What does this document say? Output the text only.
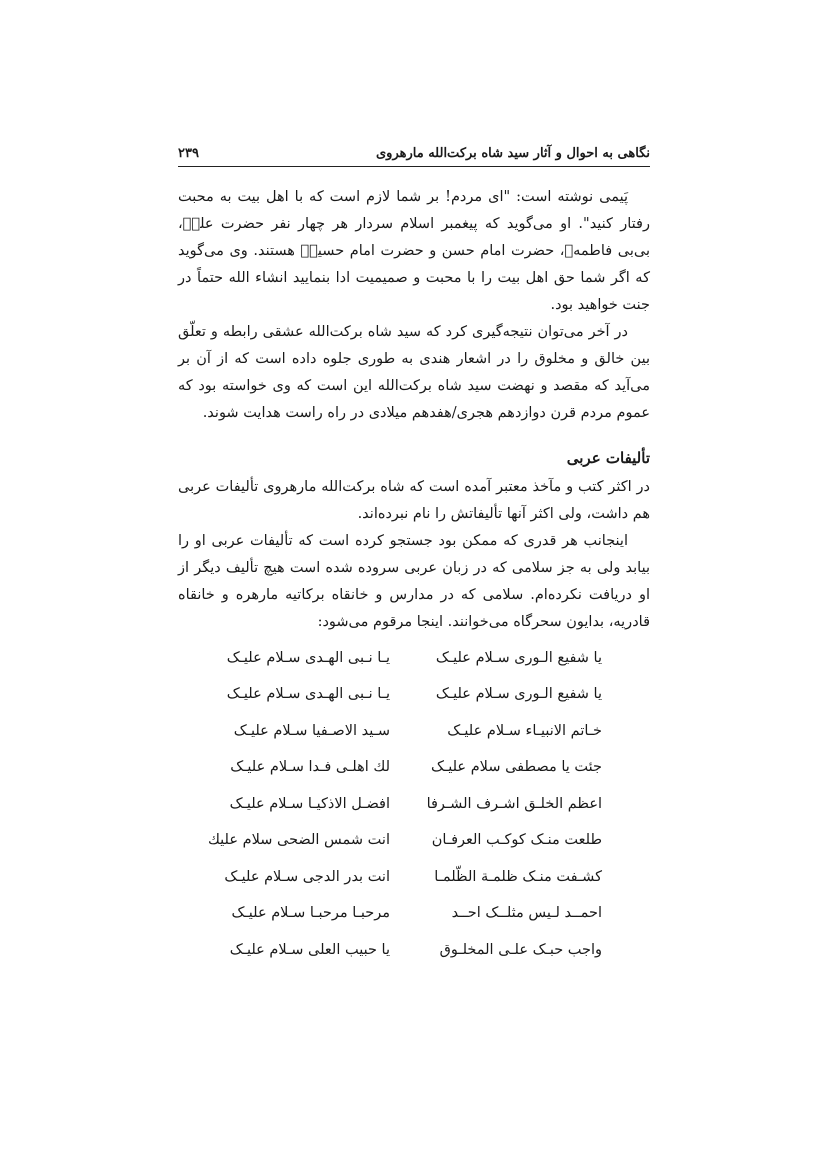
نگاهی به احوال و آثار سید شاه برکت‌الله مارهروی
۲۳۹

پَیمی نوشته است: "ای مردم! بر شما لازم است که با اهل بیت به محبت رفتار کنید". او می‌گوید که پیغمبر اسلام سردار هر چهار نفر حضرت علیؑ، بی‌بی فاطمه‌ؑ، حضرت امام حسن و حضرت امام حسینؑ هستند. وی می‌گوید که اگر شما حق اهل بیت را با محبت و صمیمیت ادا بنمایید انشاء الله حتماً در جنت خواهید بود.

در آخر می‌توان نتیجه‌گیری کرد که سید شاه برکت‌الله عشقی رابطه و تعلّق بین خالق و مخلوق را در اشعار هندی به طوری جلوه داده است که از آن بر می‌آید که مقصد و نهضت سید شاه برکت‌الله این است که وی خواسته بود که عموم مردم قرن دوازدهم هجری/هفدهم میلادی در راه راست هدایت شوند.

تألیفات عربی

در اکثر کتب و مآخذ معتبر آمده است که شاه برکت‌الله مارهروی تألیفات عربی هم داشت، ولی اکثر آنها تألیفاتش را نام نبرده‌اند.

اینجانب هر قدری که ممکن بود جستجو کرده است که تألیفات عربی او را بیابد ولی به جز سلامی که در زبان عربی سروده شده است هیچ تألیف دیگر از او دریافت نکرده‌ام. سلامی که در مدارس و خانقاه برکاتیه مارهره و خانقاه قادریه، بدایون سحرگاه می‌خوانند. اینجا مرقوم می‌شود:

یا شفیع الـوری سـلام علیـک
یـا نـبی الهـدی سـلام علیـک
یا شفیع الـوری سـلام علیـک
یـا نـبی الهـدی سـلام علیـک
خـاتم الانبیـاء سـلام علیـک
سـید الاصـفیا سـلام علیـک
جئت یا مصطفی سلام علیـک
لك اهلـی فـدا سـلام علیـک
اعظم الخلـق اشـرف الشـرفا
افضـل الاذکیـا سـلام علیـک
طلعت منـک کوکـب العرفـان
انت شمس الضحی سلام علیك
کشـفت منـک ظلمـة الظّلمـا
انت بدر الدجی سـلام علیـک
احمــد لـیس مثلــک احــد
مرحبـا مرحبـا سـلام علیـک
واجب حبـک علـی المخلـوق
یا حبیب العلی سـلام علیـک
